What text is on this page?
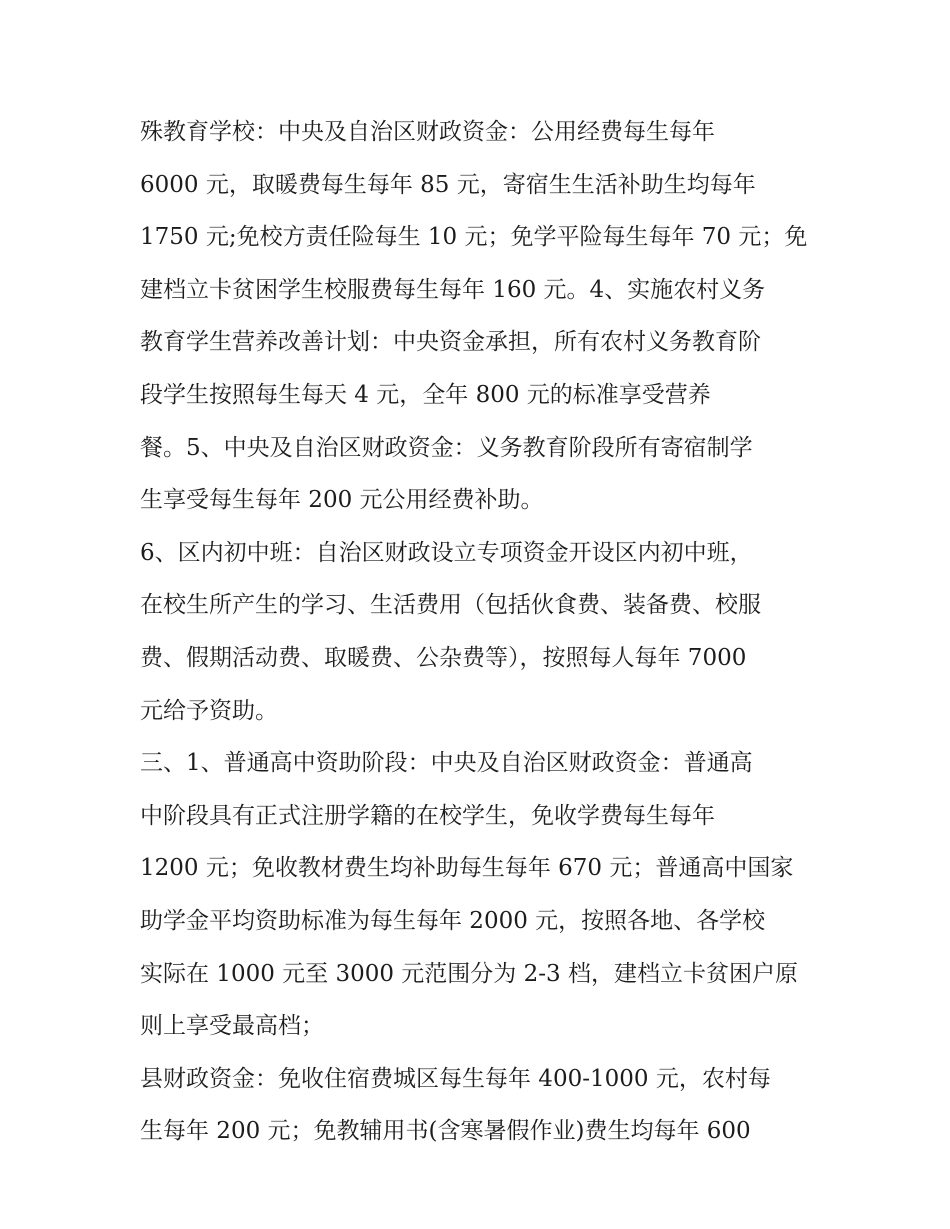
殊教育学校：中央及自治区财政资金：公用经费每生每年
6000 元，取暖费每生每年 85 元，寄宿生生活补助生均每年
1750 元;免校方责任险每生 10 元；免学平险每生每年 70 元；免
建档立卡贫困学生校服费每生每年 160 元。4、实施农村义务
教育学生营养改善计划：中央资金承担，所有农村义务教育阶
段学生按照每生每天 4 元，全年 800 元的标准享受营养
餐。5、中央及自治区财政资金：义务教育阶段所有寄宿制学
生享受每生每年 200 元公用经费补助。
6、区内初中班：自治区财政设立专项资金开设区内初中班，
在校生所产生的学习、生活费用（包括伙食费、装备费、校服
费、假期活动费、取暖费、公杂费等），按照每人每年 7000
元给予资助。
三、1、普通高中资助阶段：中央及自治区财政资金：普通高
中阶段具有正式注册学籍的在校学生，免收学费每生每年
1200 元；免收教材费生均补助每生每年 670 元；普通高中国家
助学金平均资助标准为每生每年 2000 元，按照各地、各学校
实际在 1000 元至 3000 元范围分为 2-3 档，建档立卡贫困户原
则上享受最高档；
县财政资金：免收住宿费城区每生每年 400-1000 元，农村每
生每年 200 元；免教辅用书(含寒暑假作业)费生均每年 600
